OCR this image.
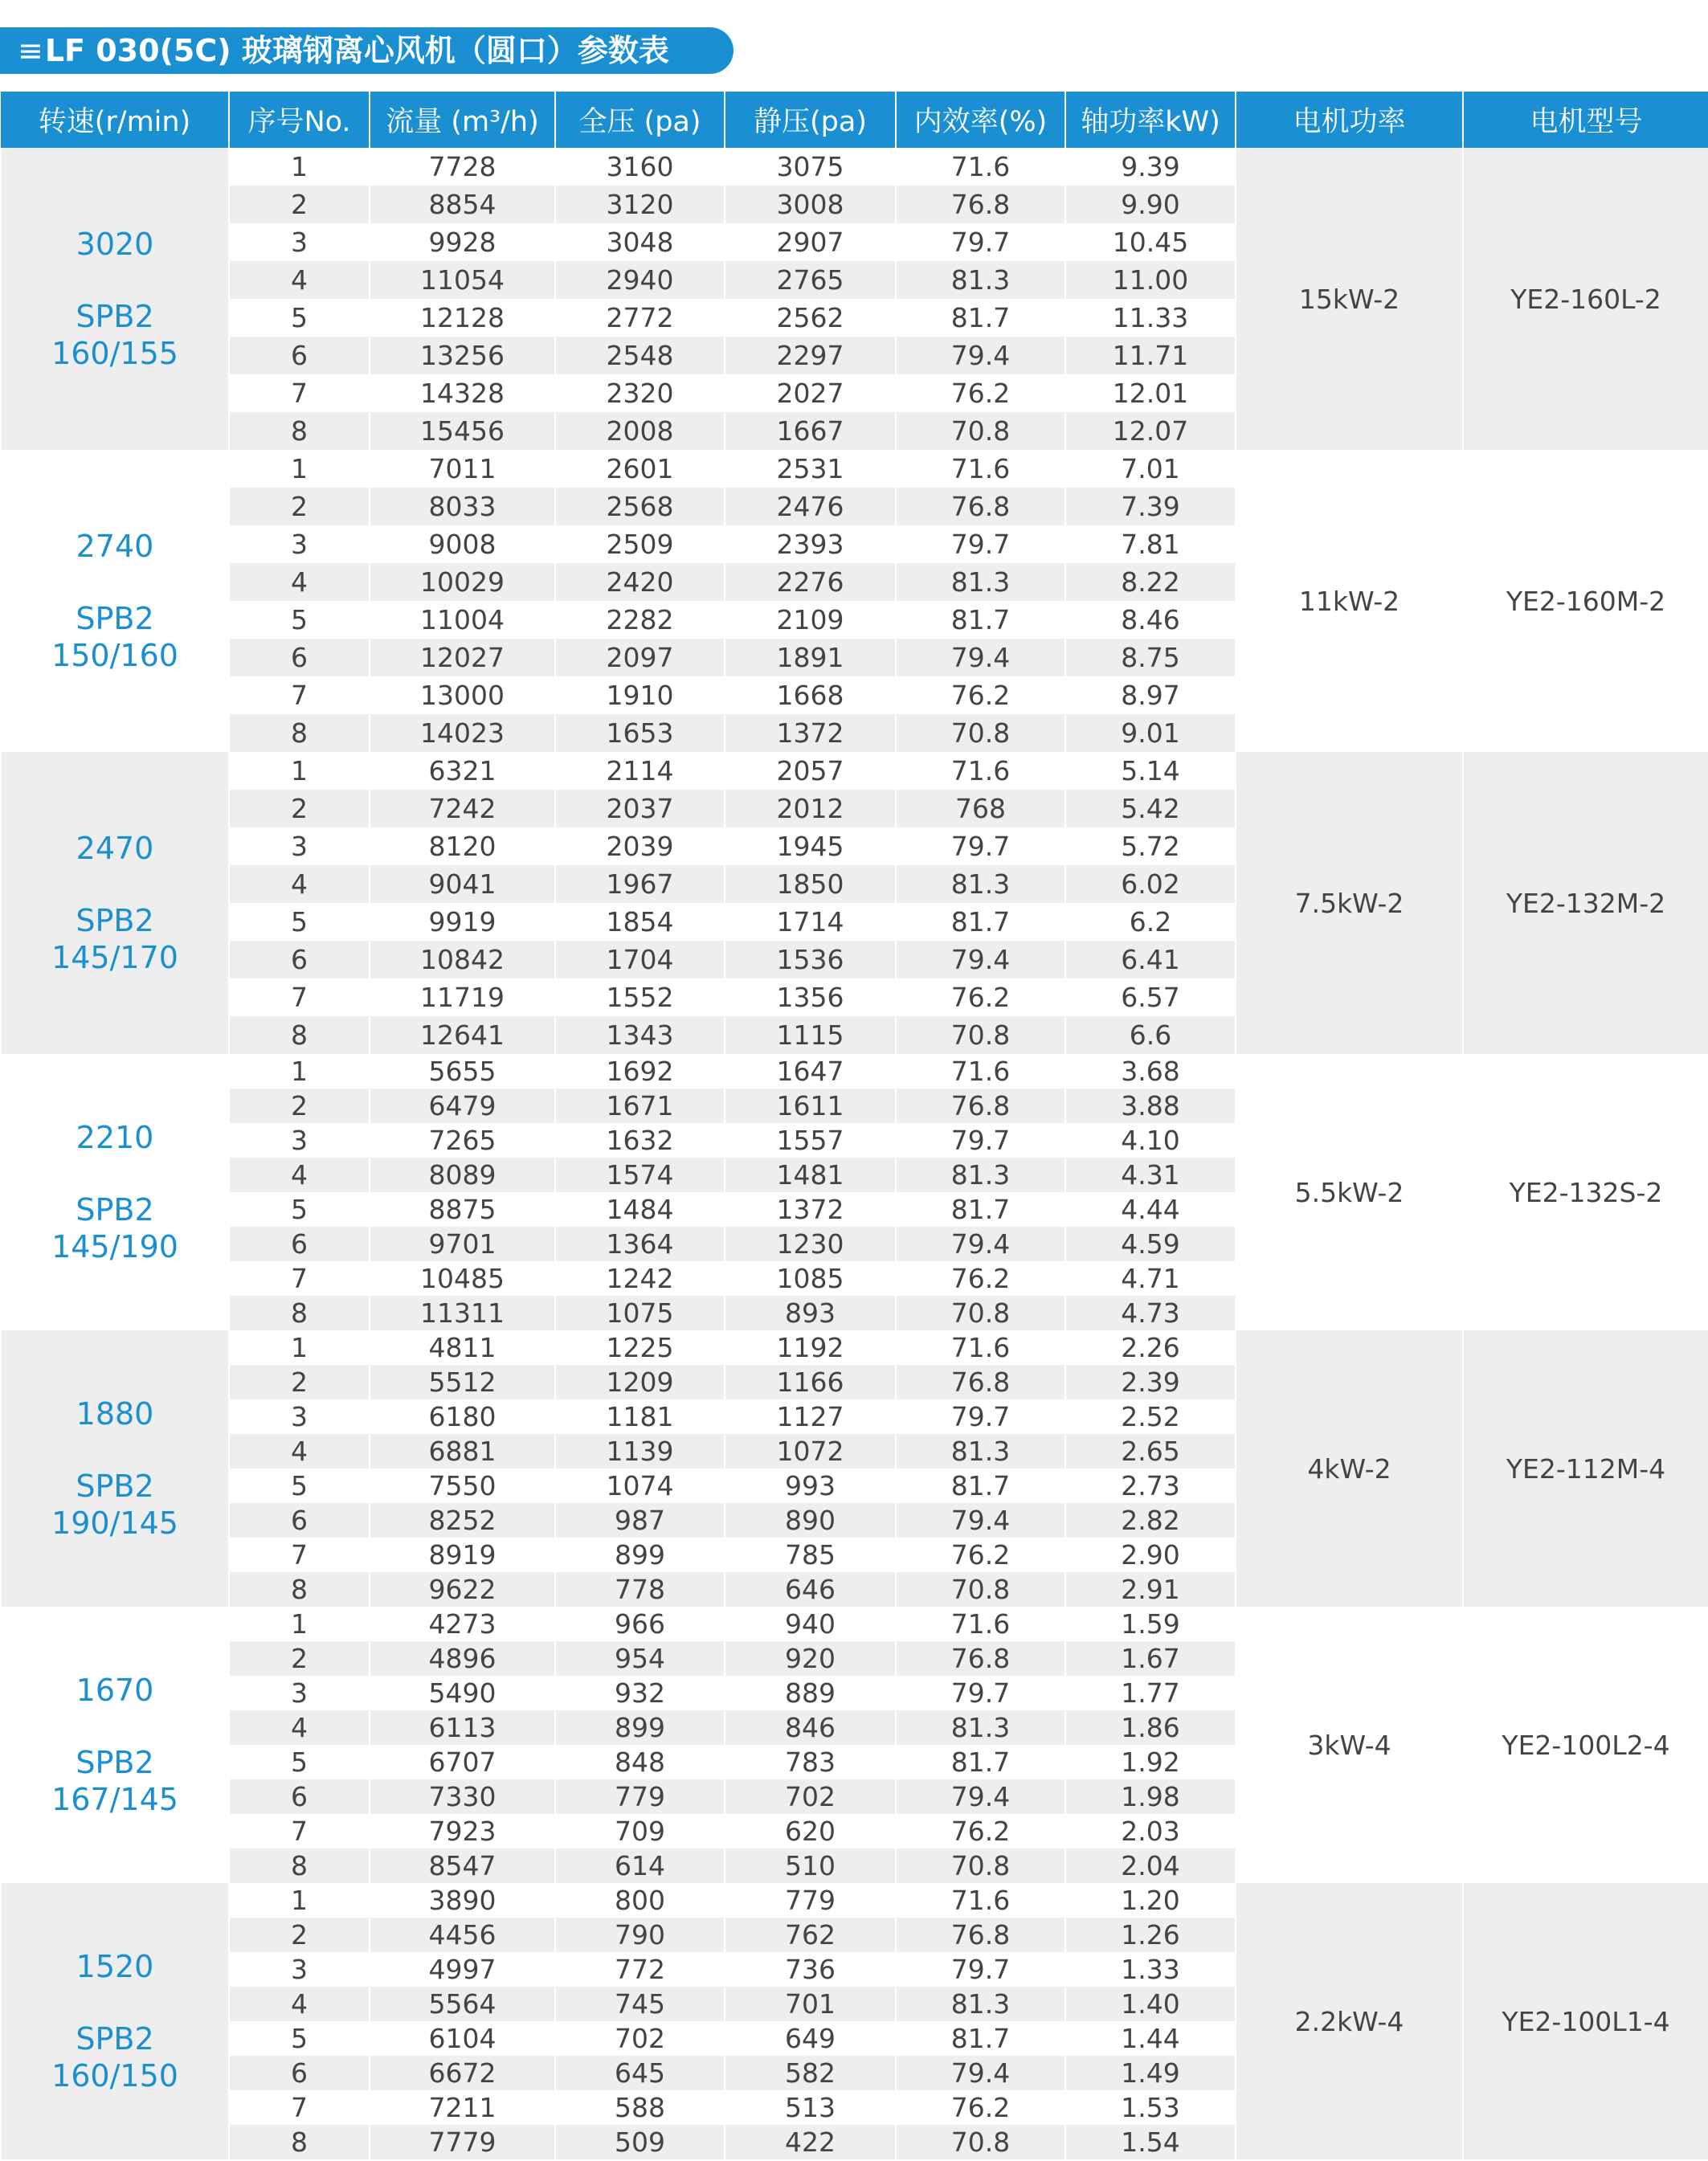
≡LF 030(5C) 玻璃钢离心风机（圆口）参数表
转速(r/min)	序号No.	流量 (m³/h)	全压 (pa)	静压(pa)	内效率(%)	轴功率kW)	电机功率	电机型号

3020
SPB2
160/155	1	7728	3160	3075	71.6	9.39	15kW-2	YE2-160L-2
	2	8854	3120	3008	76.8	9.90		
	3	9928	3048	2907	79.7	10.45		
	4	11054	2940	2765	81.3	11.00		
	5	12128	2772	2562	81.7	11.33		
	6	13256	2548	2297	79.4	11.71		
	7	14328	2320	2027	76.2	12.01		
	8	15456	2008	1667	70.8	12.07		

2740
SPB2
150/160	1	7011	2601	2531	71.6	7.01	11kW-2	YE2-160M-2
	2	8033	2568	2476	76.8	7.39		
	3	9008	2509	2393	79.7	7.81		
	4	10029	2420	2276	81.3	8.22		
	5	11004	2282	2109	81.7	8.46		
	6	12027	2097	1891	79.4	8.75		
	7	13000	1910	1668	76.2	8.97		
	8	14023	1653	1372	70.8	9.01		

2470
SPB2
145/170	1	6321	2114	2057	71.6	5.14	7.5kW-2	YE2-132M-2
	2	7242	2037	2012	768	5.42		
	3	8120	2039	1945	79.7	5.72		
	4	9041	1967	1850	81.3	6.02		
	5	9919	1854	1714	81.7	6.2		
	6	10842	1704	1536	79.4	6.41		
	7	11719	1552	1356	76.2	6.57		
	8	12641	1343	1115	70.8	6.6		

2210
SPB2
145/190	1	5655	1692	1647	71.6	3.68	5.5kW-2	YE2-132S-2
	2	6479	1671	1611	76.8	3.88		
	3	7265	1632	1557	79.7	4.10		
	4	8089	1574	1481	81.3	4.31		
	5	8875	1484	1372	81.7	4.44		
	6	9701	1364	1230	79.4	4.59		
	7	10485	1242	1085	76.2	4.71		
	8	11311	1075	893	70.8	4.73		

1880
SPB2
190/145	1	4811	1225	1192	71.6	2.26	4kW-2	YE2-112M-4
	2	5512	1209	1166	76.8	2.39		
	3	6180	1181	1127	79.7	2.52		
	4	6881	1139	1072	81.3	2.65		
	5	7550	1074	993	81.7	2.73		
	6	8252	987	890	79.4	2.82		
	7	8919	899	785	76.2	2.90		
	8	9622	778	646	70.8	2.91		

1670
SPB2
167/145	1	4273	966	940	71.6	1.59	3kW-4	YE2-100L2-4
	2	4896	954	920	76.8	1.67		
	3	5490	932	889	79.7	1.77		
	4	6113	899	846	81.3	1.86		
	5	6707	848	783	81.7	1.92		
	6	7330	779	702	79.4	1.98		
	7	7923	709	620	76.2	2.03		
	8	8547	614	510	70.8	2.04		

1520
SPB2
160/150	1	3890	800	779	71.6	1.20	2.2kW-4	YE2-100L1-4
	2	4456	790	762	76.8	1.26		
	3	4997	772	736	79.7	1.33		
	4	5564	745	701	81.3	1.40		
	5	6104	702	649	81.7	1.44		
	6	6672	645	582	79.4	1.49		
	7	7211	588	513	76.2	1.53		
	8	7779	509	422	70.8	1.54		
